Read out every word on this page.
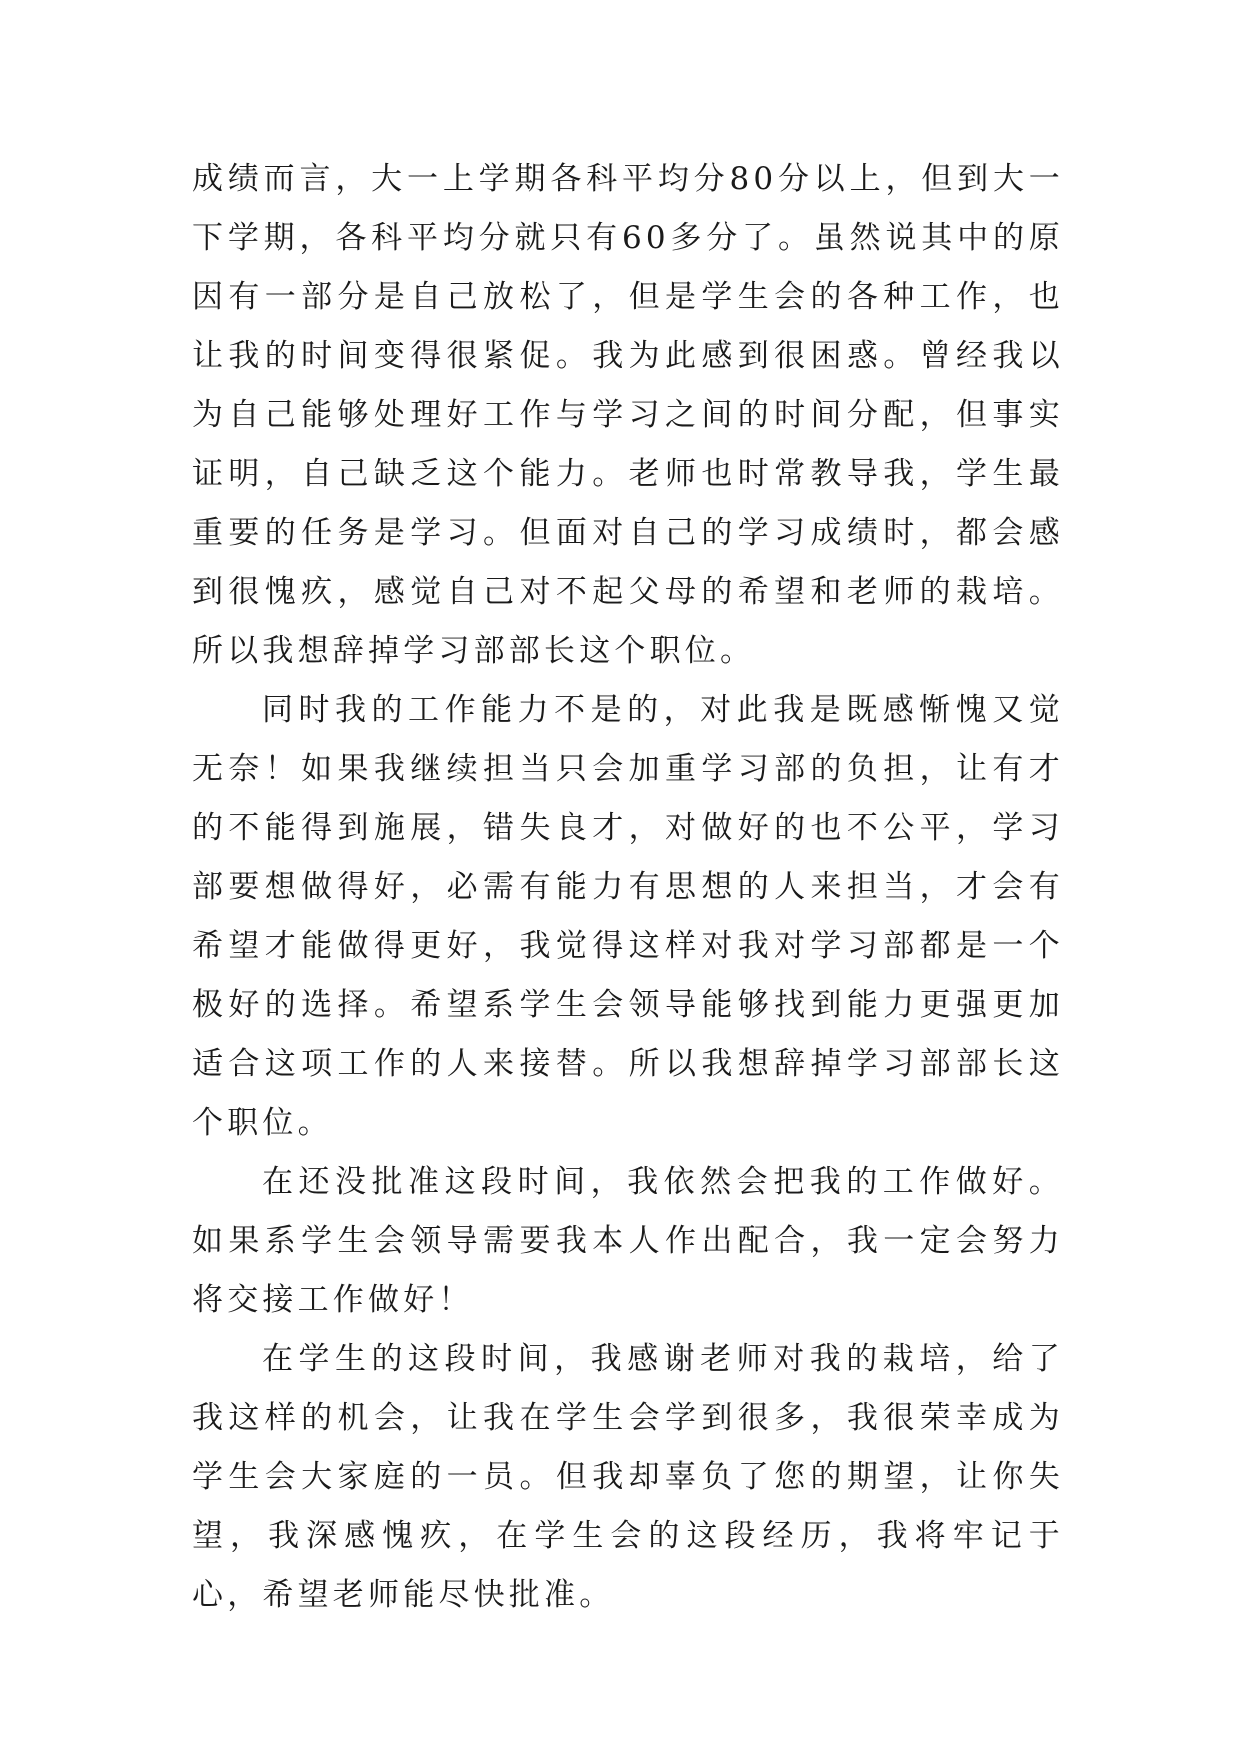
成绩而言，大一上学期各科平均分80分以上，但到大一下学期，各科平均分就只有60多分了。虽然说其中的原因有一部分是自己放松了，但是学生会的各种工作，也让我的时间变得很紧促。我为此感到很困惑。曾经我以为自己能够处理好工作与学习之间的时间分配，但事实证明，自己缺乏这个能力。老师也时常教导我，学生最重要的任务是学习。但面对自己的学习成绩时，都会感到很愧疚，感觉自己对不起父母的希望和老师的栽培。所以我想辞掉学习部部长这个职位。

同时我的工作能力不是的，对此我是既感惭愧又觉无奈！如果我继续担当只会加重学习部的负担，让有才的不能得到施展，错失良才，对做好的也不公平，学习部要想做得好，必需有能力有思想的人来担当，才会有希望才能做得更好，我觉得这样对我对学习部都是一个极好的选择。希望系学生会领导能够找到能力更强更加适合这项工作的人来接替。所以我想辞掉学习部部长这个职位。

在还没批准这段时间，我依然会把我的工作做好。如果系学生会领导需要我本人作出配合，我一定会努力将交接工作做好！

在学生的这段时间，我感谢老师对我的栽培，给了我这样的机会，让我在学生会学到很多，我很荣幸成为学生会大家庭的一员。但我却辜负了您的期望，让你失望，我深感愧疚，在学生会的这段经历，我将牢记于心，希望老师能尽快批准。
